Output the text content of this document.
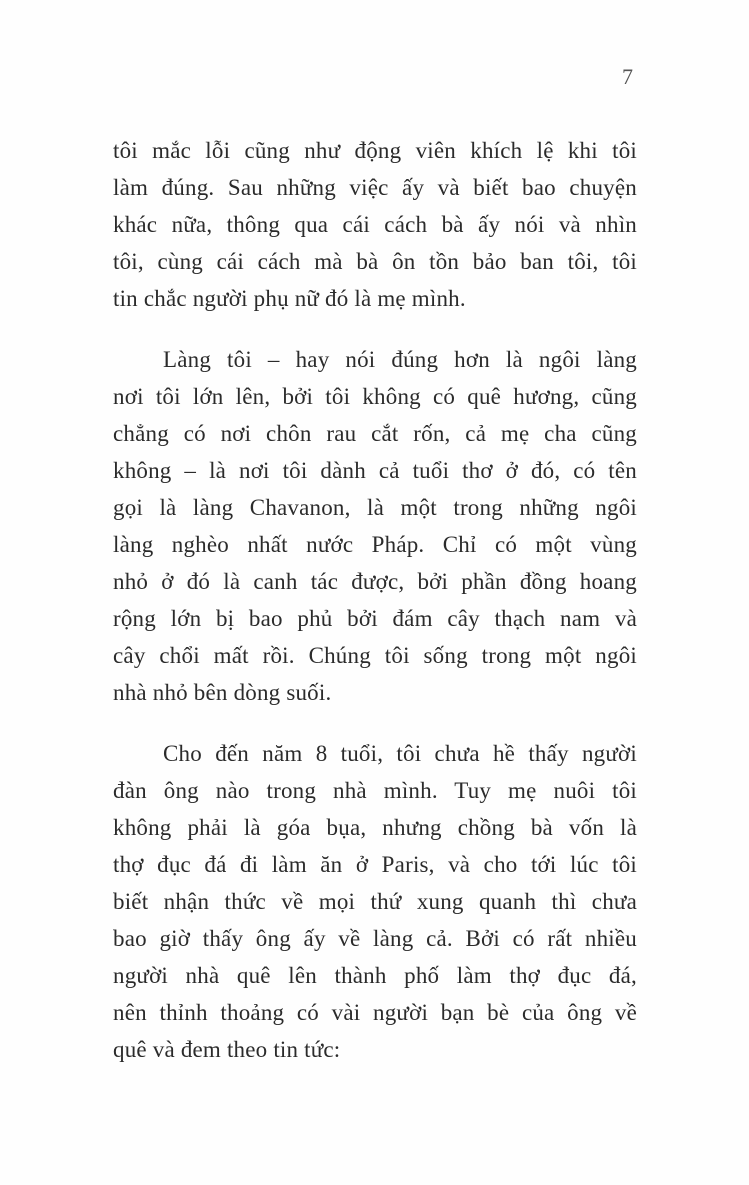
7

tôi mắc lỗi cũng như động viên khích lệ khi tôi
làm đúng. Sau những việc ấy và biết bao chuyện
khác nữa, thông qua cái cách bà ấy nói và nhìn
tôi, cùng cái cách mà bà ôn tồn bảo ban tôi, tôi
tin chắc người phụ nữ đó là mẹ mình.

Làng tôi – hay nói đúng hơn là ngôi làng
nơi tôi lớn lên, bởi tôi không có quê hương, cũng
chẳng có nơi chôn rau cắt rốn, cả mẹ cha cũng
không – là nơi tôi dành cả tuổi thơ ở đó, có tên
gọi là làng Chavanon, là một trong những ngôi
làng nghèo nhất nước Pháp. Chỉ có một vùng
nhỏ ở đó là canh tác được, bởi phần đồng hoang
rộng lớn bị bao phủ bởi đám cây thạch nam và
cây chổi mất rồi. Chúng tôi sống trong một ngôi
nhà nhỏ bên dòng suối.

Cho đến năm 8 tuổi, tôi chưa hề thấy người
đàn ông nào trong nhà mình. Tuy mẹ nuôi tôi
không phải là góa bụa, nhưng chồng bà vốn là
thợ đục đá đi làm ăn ở Paris, và cho tới lúc tôi
biết nhận thức về mọi thứ xung quanh thì chưa
bao giờ thấy ông ấy về làng cả. Bởi có rất nhiều
người nhà quê lên thành phố làm thợ đục đá,
nên thỉnh thoảng có vài người bạn bè của ông về
quê và đem theo tin tức:
